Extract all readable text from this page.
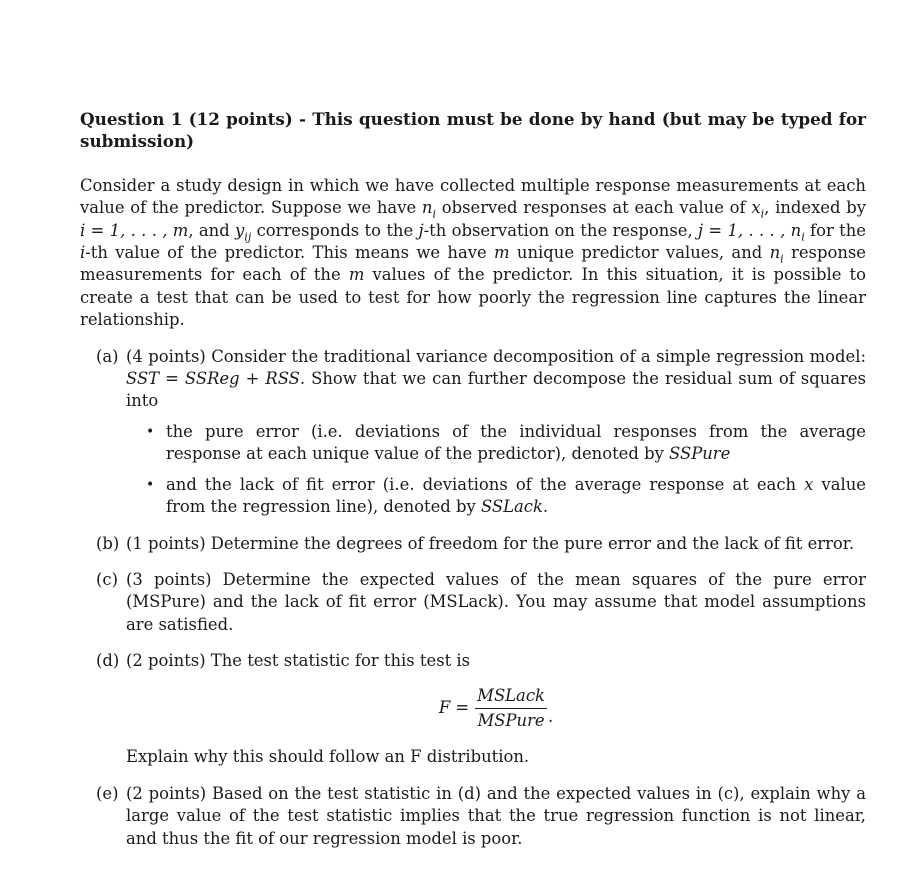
Question 1 (12 points) - This question must be done by hand (but may be typed for submission)

Consider a study design in which we have collected multiple response measurements at each value of the predictor. Suppose we have $n_i$ observed responses at each value of $x_i$, indexed by i = 1, . . . , m, and $y_{ij}$ corresponds to the j-th observation on the response, j = 1, . . . , $n_i$ for the i-th value of the predictor. This means we have m unique predictor values, and $n_i$ response measurements for each of the m values of the predictor. In this situation, it is possible to create a test that can be used to test for how poorly the regression line captures the linear relationship.

(a) (4 points) Consider the traditional variance decomposition of a simple regression model: SST = SSReg + RSS. Show that we can further decompose the residual sum of squares into
• the pure error (i.e. deviations of the individual responses from the average response at each unique value of the predictor), denoted by SSPure
• and the lack of fit error (i.e. deviations of the average response at each x value from the regression line), denoted by SSLack.
(b) (1 points) Determine the degrees of freedom for the pure error and the lack of fit error.
(c) (3 points) Determine the expected values of the mean squares of the pure error (MSPure) and the lack of fit error (MSLack). You may assume that model assumptions are satisfied.
(d) (2 points) The test statistic for this test is
$F = \frac{\text{MSLack}}{\text{MSPure}}$ .
Explain why this should follow an F distribution.
(e) (2 points) Based on the test statistic in (d) and the expected values in (c), explain why a large value of the test statistic implies that the true regression function is not linear, and thus the fit of our regression model is poor.
